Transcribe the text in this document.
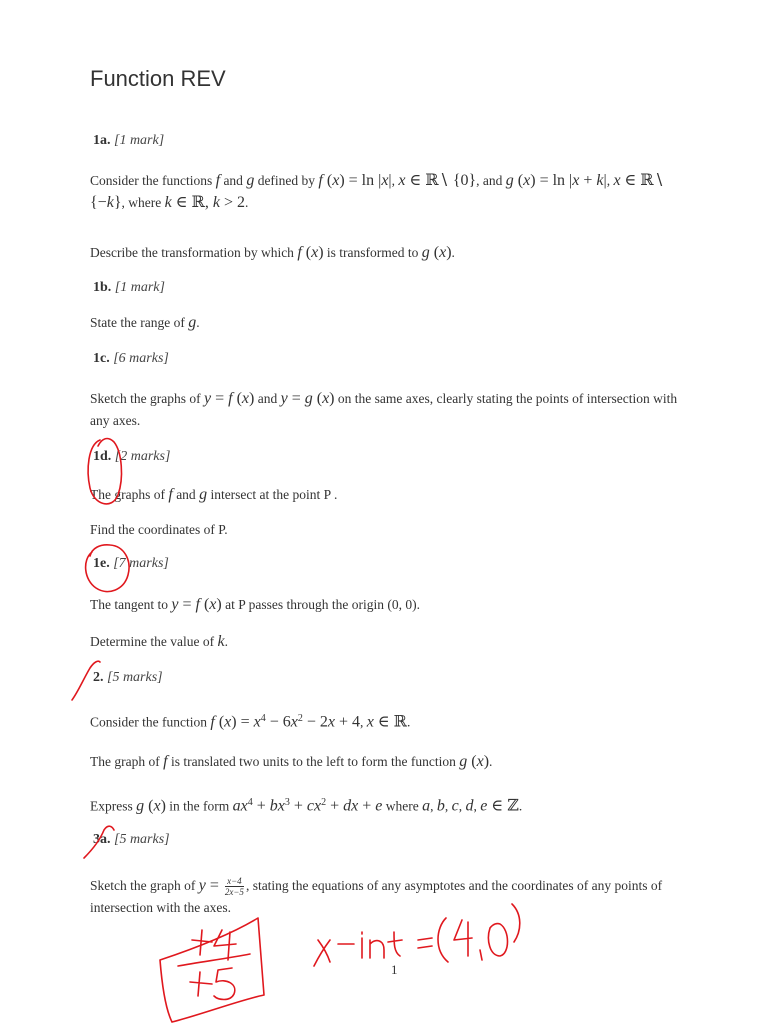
Function REV
1a. [1 mark]
Consider the functions f and g defined by f (x) = ln |x|, x ∈ ℝ∖ {0}, and g (x) = ln |x + k|, x ∈ ℝ∖ {−k}, where k ∈ ℝ, k > 2.
Describe the transformation by which f (x) is transformed to g (x).
1b. [1 mark]
State the range of g.
1c. [6 marks]
Sketch the graphs of y = f (x) and y = g (x) on the same axes, clearly stating the points of intersection with any axes.
1d. [2 marks]
The graphs of f and g intersect at the point P .
Find the coordinates of P.
1e. [7 marks]
The tangent to y = f (x) at P passes through the origin (0, 0).
Determine the value of k.
2. [5 marks]
Consider the function f $(x) = x^4 - 6x^2 - 2x + 4$, x ∈ ℝ.
The graph of f is translated two units to the left to form the function g (x).
Express g (x) in the form $ax^4 + bx^3 + cx^2$ + dx + e where a, b, c, d, e ∈ ℤ.
3a. [5 marks]
Sketch the graph of $y = \frac{x-4}{2x-5}$ , stating the equations of any asymptotes and the coordinates of any points of intersection with the axes.
1
